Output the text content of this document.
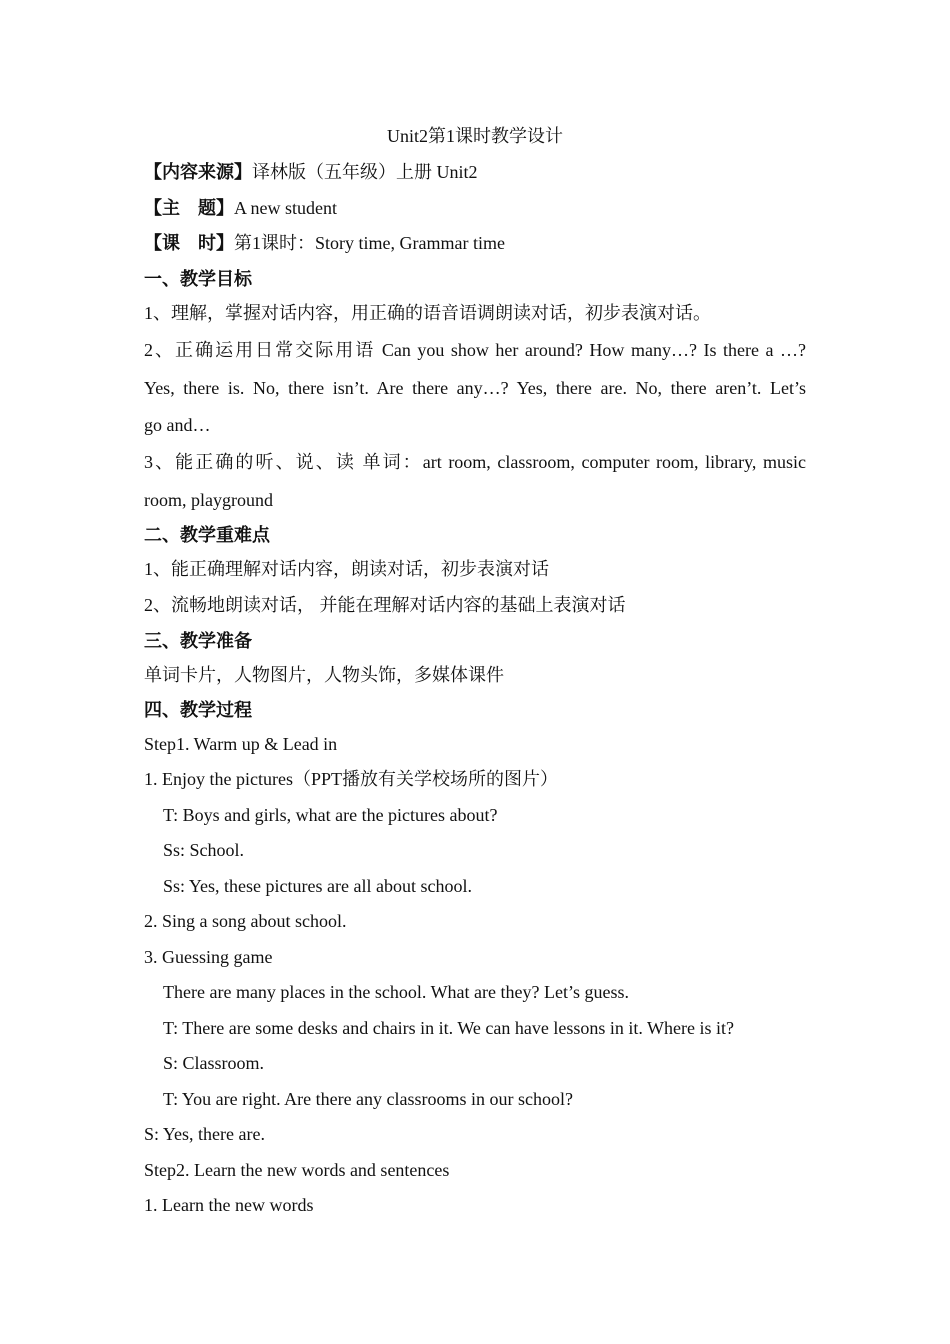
Unit2第1课时教学设计
【内容来源】译林版（五年级）上册 Unit2
【主　题】A new student
【课　时】第1课时：Story time, Grammar time
一、教学目标
1、理解，掌握对话内容，用正确的语音语调朗读对话，初步表演对话。
2、正确运用日常交际用语 Can you show her around? How many…? Is there a …?
Yes, there is. No, there isn’t. Are there any…? Yes, there are. No, there aren’t. Let’s
go and…
3、能正确的听、说、读 单词：art room, classroom, computer room, library, music
room, playground
二、教学重难点
1、能正确理解对话内容，朗读对话，初步表演对话
2、流畅地朗读对话， 并能在理解对话内容的基础上表演对话
三、教学准备
单词卡片，人物图片，人物头饰，多媒体课件
四、教学过程
Step1. Warm up & Lead in
1. Enjoy the pictures（PPT播放有关学校场所的图片）
T: Boys and girls, what are the pictures about?
Ss: School.
Ss: Yes, these pictures are all about school.
2. Sing a song about school.
3. Guessing game
There are many places in the school. What are they? Let’s guess.
T: There are some desks and chairs in it. We can have lessons in it. Where is it?
S: Classroom.
T: You are right. Are there any classrooms in our school?
S: Yes, there are.
Step2. Learn the new words and sentences
1. Learn the new words
